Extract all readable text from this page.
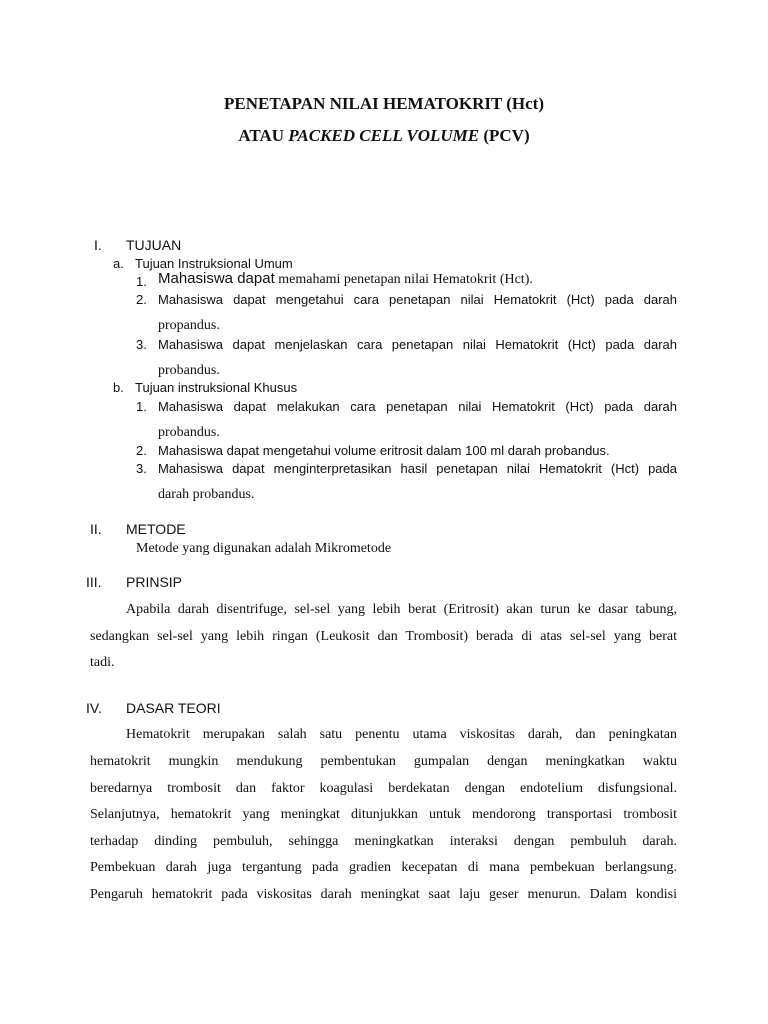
PENETAPAN NILAI HEMATOKRIT (Hct)
ATAU PACKED CELL VOLUME (PCV)
I. TUJUAN
a. Tujuan Instruksional Umum
1. Mahasiswa dapat memahami penetapan nilai Hematokrit (Hct).
2. Mahasiswa dapat mengetahui cara penetapan nilai Hematokrit (Hct) pada darah
propandus.
3. Mahasiswa dapat menjelaskan cara penetapan nilai Hematokrit (Hct) pada darah
probandus.
b. Tujuan instruksional Khusus
1. Mahasiswa dapat melakukan cara penetapan nilai Hematokrit (Hct) pada darah
probandus.
2. Mahasiswa dapat mengetahui volume eritrosit dalam 100 ml darah probandus.
3. Mahasiswa dapat menginterpretasikan hasil penetapan nilai Hematokrit (Hct) pada
darah probandus.
II. METODE
Metode yang digunakan adalah Mikrometode
III. PRINSIP
Apabila darah disentrifuge, sel-sel yang lebih berat (Eritrosit) akan turun ke dasar tabung,
sedangkan sel-sel yang lebih ringan (Leukosit dan Trombosit) berada di atas sel-sel yang berat
tadi.
IV. DASAR TEORI
Hematokrit merupakan salah satu penentu utama viskositas darah, dan peningkatan
hematokrit mungkin mendukung pembentukan gumpalan dengan meningkatkan waktu
beredarnya trombosit dan faktor koagulasi berdekatan dengan endotelium disfungsional.
Selanjutnya, hematokrit yang meningkat ditunjukkan untuk mendorong transportasi trombosit
terhadap dinding pembuluh, sehingga meningkatkan interaksi dengan pembuluh darah.
Pembekuan darah juga tergantung pada gradien kecepatan di mana pembekuan berlangsung.
Pengaruh hematokrit pada viskositas darah meningkat saat laju geser menurun. Dalam kondisi
